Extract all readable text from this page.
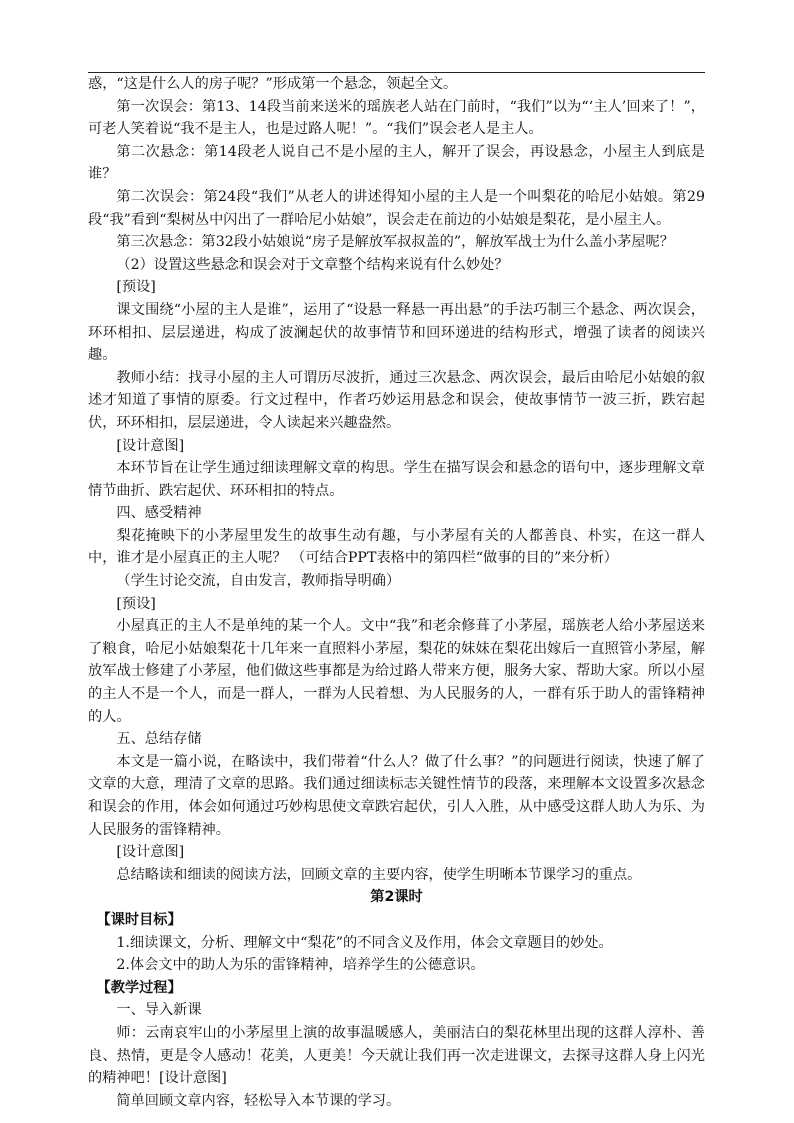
惑，“这是什么人的房子呢？”形成第一个悬念，领起全文。

第一次误会：第13、14段当前来送米的瑶族老人站在门前时，“我们”以为“‘主人’回来了！”，可老人笑着说“我不是主人，也是过路人呢！”。“我们”误会老人是主人。

第二次悬念：第14段老人说自己不是小屋的主人，解开了误会，再设悬念，小屋主人到底是谁？

第二次误会：第24段“我们”从老人的讲述得知小屋的主人是一个叫梨花的哈尼小姑娘。第29段“我”看到“梨树丛中闪出了一群哈尼小姑娘”，误会走在前边的小姑娘是梨花，是小屋主人。

第三次悬念：第32段小姑娘说“房子是解放军叔叔盖的”，解放军战士为什么盖小茅屋呢？

（2）设置这些悬念和误会对于文章整个结构来说有什么妙处？

[预设]

课文围绕“小屋的主人是谁”，运用了“设悬一释悬一再出悬”的手法巧制三个悬念、两次误会，环环相扣、层层递进，构成了波澜起伏的故事情节和回环递进的结构形式，增强了读者的阅读兴趣。

教师小结：找寻小屋的主人可谓历尽波折，通过三次悬念、两次误会，最后由哈尼小姑娘的叙述才知道了事情的原委。行文过程中，作者巧妙运用悬念和误会，使故事情节一波三折，跌宕起伏，环环相扣，层层递进，令人读起来兴趣盎然。

[设计意图]

本环节旨在让学生通过细读理解文章的构思。学生在描写误会和悬念的语句中，逐步理解文章情节曲折、跌宕起伏、环环相扣的特点。

四、感受精神

梨花掩映下的小茅屋里发生的故事生动有趣，与小茅屋有关的人都善良、朴实，在这一群人中，谁才是小屋真正的主人呢？ （可结合PPT表格中的第四栏“做事的目的”来分析）

（学生讨论交流，自由发言，教师指导明确）

[预设]

小屋真正的主人不是单纯的某一个人。文中“我”和老余修葺了小茅屋，瑶族老人给小茅屋送来了粮食，哈尼小姑娘梨花十几年来一直照料小茅屋，梨花的妹妹在梨花出嫁后一直照管小茅屋，解放军战士修建了小茅屋，他们做这些事都是为给过路人带来方便，服务大家、帮助大家。所以小屋的主人不是一个人，而是一群人，一群为人民着想、为人民服务的人，一群有乐于助人的雷锋精神的人。

五、总结存储

本文是一篇小说，在略读中，我们带着“什么人？做了什么事？”的问题进行阅读，快速了解了文章的大意，理清了文章的思路。我们通过细读标志关键性情节的段落，来理解本文设置多次悬念和误会的作用，体会如何通过巧妙构思使文章跌宕起伏，引人入胜，从中感受这群人助人为乐、为人民服务的雷锋精神。

[设计意图]

总结略读和细读的阅读方法，回顾文章的主要内容，使学生明晰本节课学习的重点。

第2课时

【课时目标】

1.细读课文，分析、理解文中“梨花”的不同含义及作用，体会文章题目的妙处。

2.体会文中的助人为乐的雷锋精神，培养学生的公德意识。

【教学过程】

一、导入新课

师：云南哀牢山的小茅屋里上演的故事温暖感人，美丽洁白的梨花林里出现的这群人淳朴、善良、热情，更是令人感动！花美，人更美！今天就让我们再一次走进课文，去探寻这群人身上闪光的精神吧！[设计意图]

简单回顾文章内容，轻松导入本节课的学习。
